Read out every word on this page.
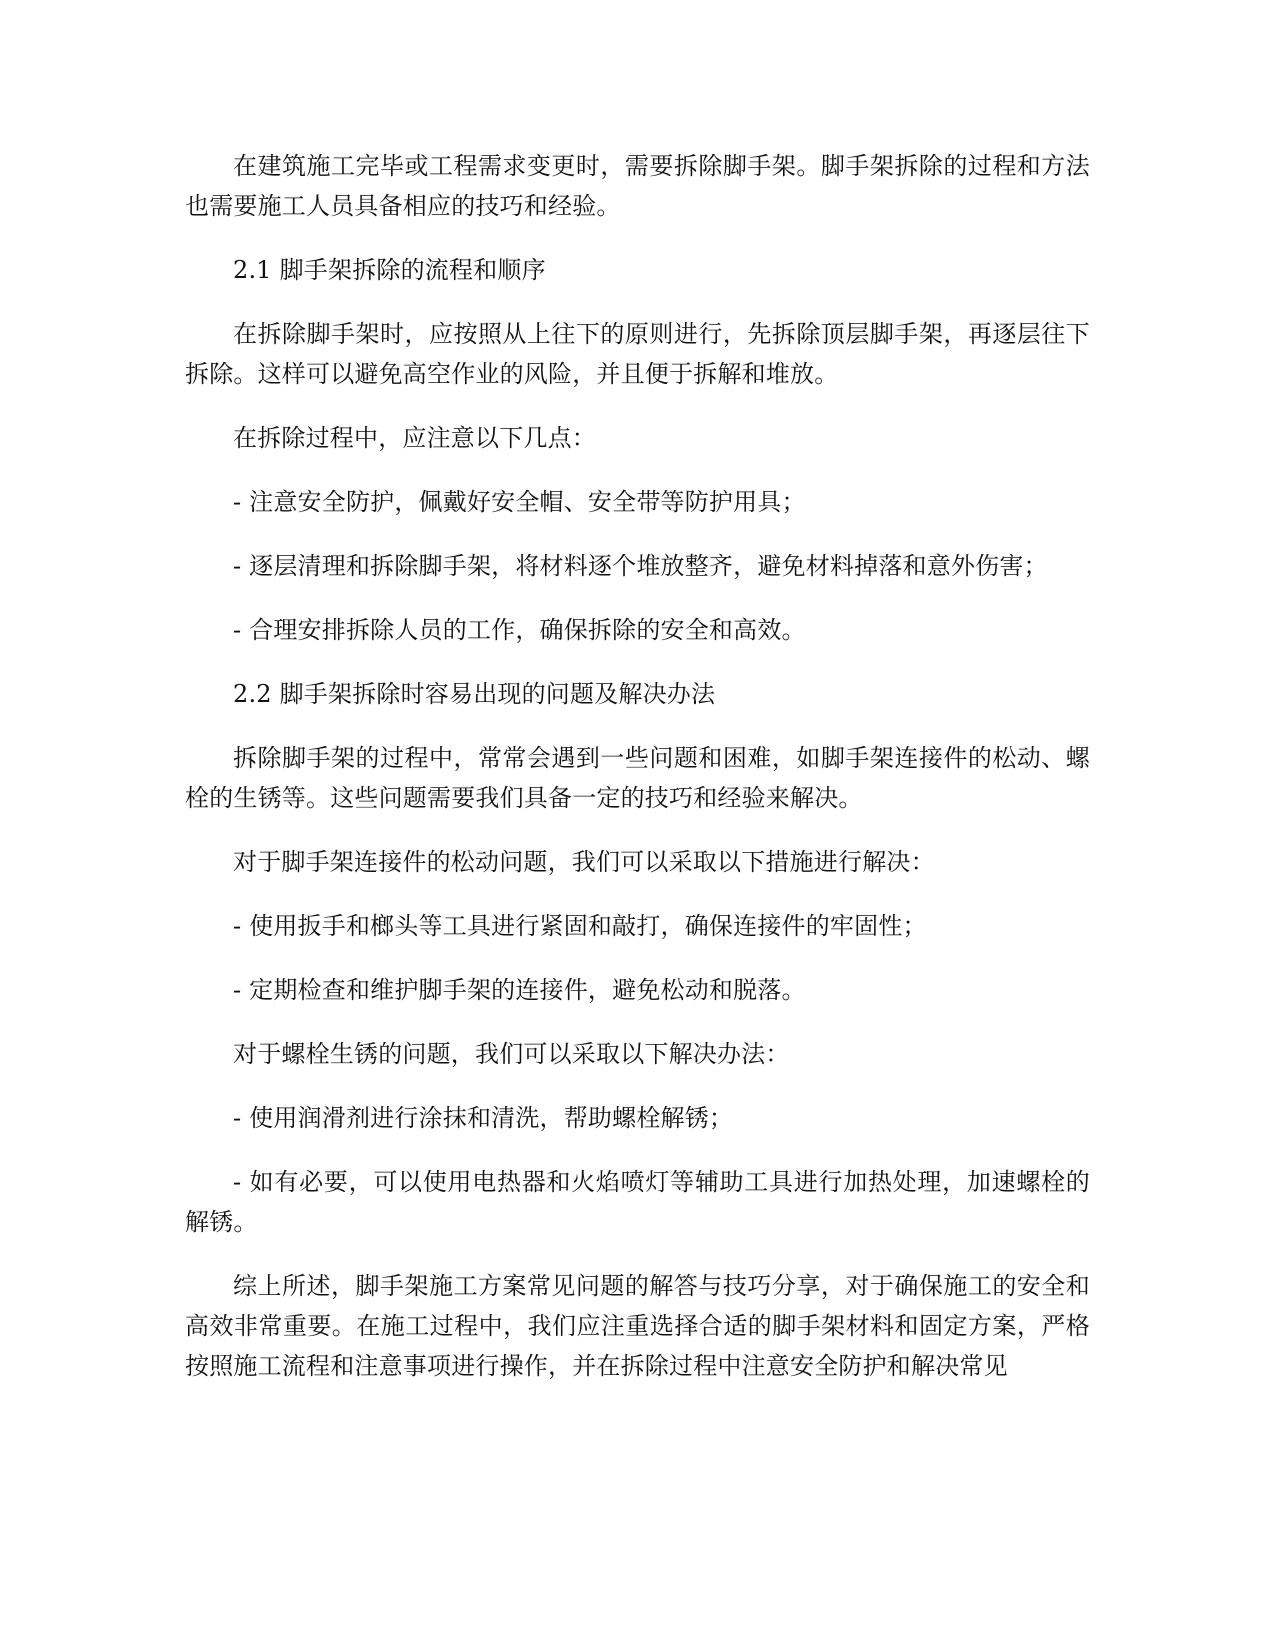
在建筑施工完毕或工程需求变更时，需要拆除脚手架。脚手架拆除的过程和方法也需要施工人员具备相应的技巧和经验。

2.1 脚手架拆除的流程和顺序

在拆除脚手架时，应按照从上往下的原则进行，先拆除顶层脚手架，再逐层往下拆除。这样可以避免高空作业的风险，并且便于拆解和堆放。

在拆除过程中，应注意以下几点：

- 注意安全防护，佩戴好安全帽、安全带等防护用具；

- 逐层清理和拆除脚手架，将材料逐个堆放整齐，避免材料掉落和意外伤害；

- 合理安排拆除人员的工作，确保拆除的安全和高效。

2.2 脚手架拆除时容易出现的问题及解决办法

拆除脚手架的过程中，常常会遇到一些问题和困难，如脚手架连接件的松动、螺栓的生锈等。这些问题需要我们具备一定的技巧和经验来解决。

对于脚手架连接件的松动问题，我们可以采取以下措施进行解决：

- 使用扳手和榔头等工具进行紧固和敲打，确保连接件的牢固性；

- 定期检查和维护脚手架的连接件，避免松动和脱落。

对于螺栓生锈的问题，我们可以采取以下解决办法：

- 使用润滑剂进行涂抹和清洗，帮助螺栓解锈；

- 如有必要，可以使用电热器和火焰喷灯等辅助工具进行加热处理，加速螺栓的解锈。

综上所述，脚手架施工方案常见问题的解答与技巧分享，对于确保施工的安全和高效非常重要。在施工过程中，我们应注重选择合适的脚手架材料和固定方案，严格按照施工流程和注意事项进行操作，并在拆除过程中注意安全防护和解决常见
